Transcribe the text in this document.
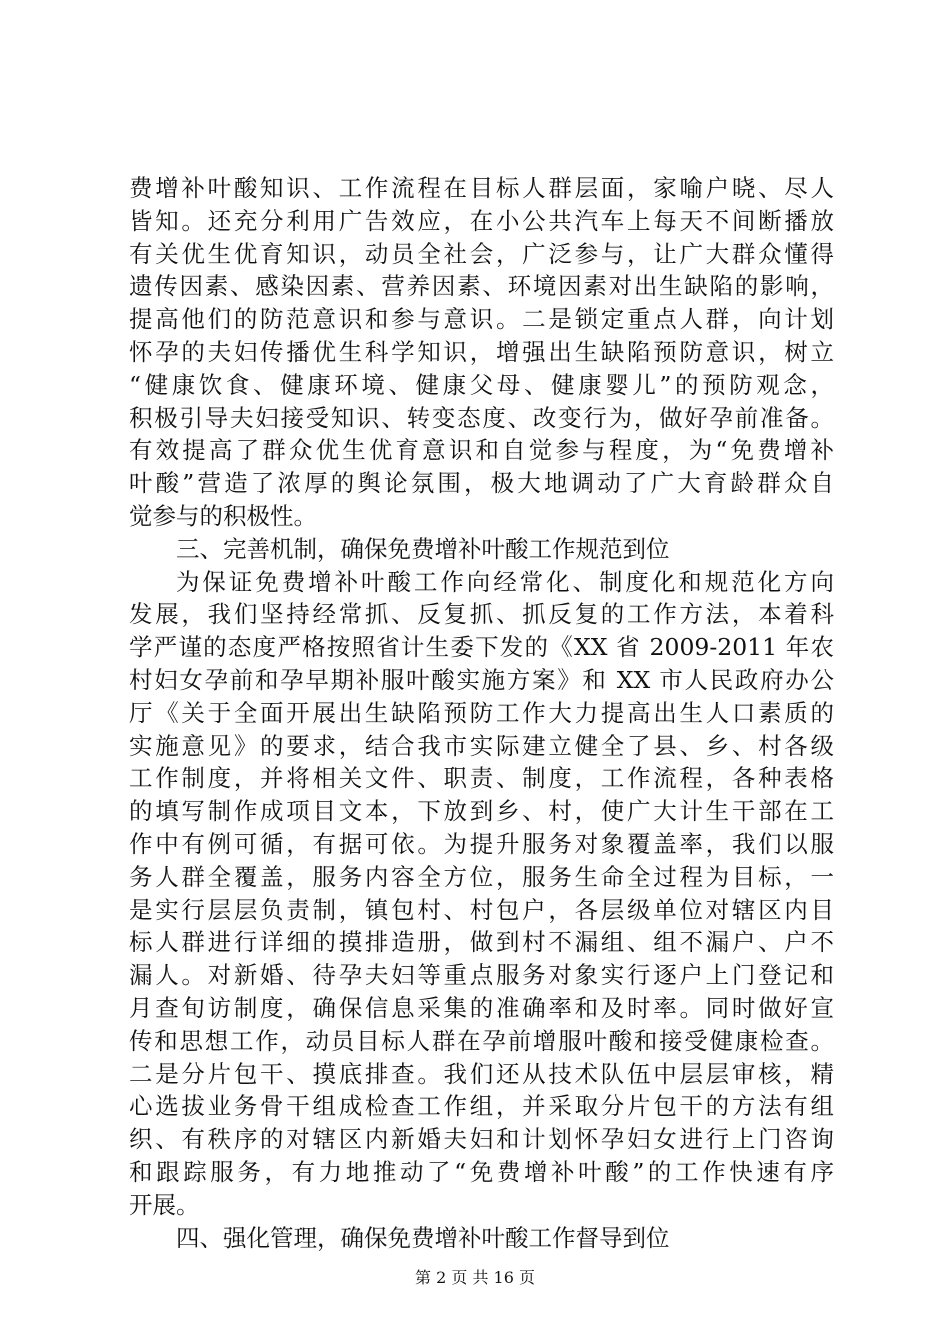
费增补叶酸知识、工作流程在目标人群层面，家喻户晓、尽人
皆知。还充分利用广告效应，在小公共汽车上每天不间断播放
有关优生优育知识，动员全社会，广泛参与，让广大群众懂得
遗传因素、感染因素、营养因素、环境因素对出生缺陷的影响，
提高他们的防范意识和参与意识。二是锁定重点人群，向计划
怀孕的夫妇传播优生科学知识，增强出生缺陷预防意识，树立
“健康饮食、健康环境、健康父母、健康婴儿”的预防观念，
积极引导夫妇接受知识、转变态度、改变行为，做好孕前准备。
有效提高了群众优生优育意识和自觉参与程度，为“免费增补
叶酸”营造了浓厚的舆论氛围，极大地调动了广大育龄群众自
觉参与的积极性。
三、完善机制，确保免费增补叶酸工作规范到位
为保证免费增补叶酸工作向经常化、制度化和规范化方向
发展，我们坚持经常抓、反复抓、抓反复的工作方法，本着科
学严谨的态度严格按照省计生委下发的《XX 省 2009-2011 年农
村妇女孕前和孕早期补服叶酸实施方案》和 XX 市人民政府办公
厅《关于全面开展出生缺陷预防工作大力提高出生人口素质的
实施意见》的要求，结合我市实际建立健全了县、乡、村各级
工作制度，并将相关文件、职责、制度，工作流程，各种表格
的填写制作成项目文本，下放到乡、村，使广大计生干部在工
作中有例可循，有据可依。为提升服务对象覆盖率，我们以服
务人群全覆盖，服务内容全方位，服务生命全过程为目标，一
是实行层层负责制，镇包村、村包户，各层级单位对辖区内目
标人群进行详细的摸排造册，做到村不漏组、组不漏户、户不
漏人。对新婚、待孕夫妇等重点服务对象实行逐户上门登记和
月查旬访制度，确保信息采集的准确率和及时率。同时做好宣
传和思想工作，动员目标人群在孕前增服叶酸和接受健康检查。
二是分片包干、摸底排查。我们还从技术队伍中层层审核，精
心选拔业务骨干组成检查工作组，并采取分片包干的方法有组
织、有秩序的对辖区内新婚夫妇和计划怀孕妇女进行上门咨询
和跟踪服务，有力地推动了“免费增补叶酸”的工作快速有序
开展。
四、强化管理，确保免费增补叶酸工作督导到位
第 2 页 共 16 页
